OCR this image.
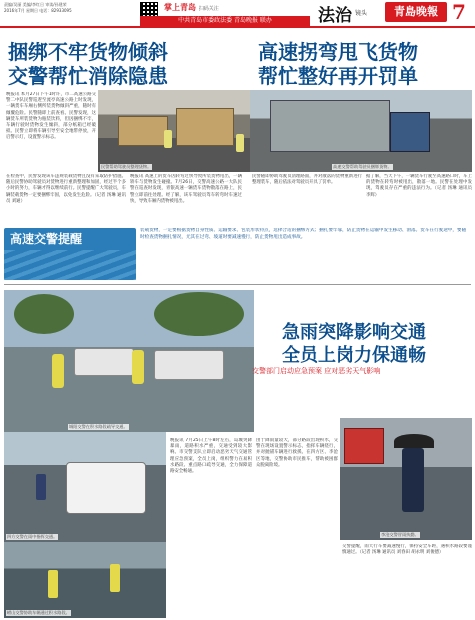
责编/吴丽 美编/李红日 审读/孙建荣
2016年7月 星期日 电话：82933095	掌上青岛 扫码关注
中共青岛市委政法委 青岛晚报 联办	法治 镜头	青島晚報 7
捆绑不牢货物倾斜
交警帮忙消除隐患
晚报讯 本月27日下午1时许，市二高速公路交警二中队民警巡逻至流亭高速公路上时发现，一辆货车车厢右侧所装货物倾斜严重，随时有倾覆危险。民警随即上前查看。民警发现，这辆货车所装货物为瓶装饮料，但因捆绑不牢，车辆行驶时货物发生倾斜，部分纸箱已经破损。民警立即将车辆引导至安全地带停放，开启警示灯，设置警示标志。
民警帮助驾驶员整理货物。
在检查中，民警发现该车违规装载货物且没有采取防护措施。随后民警协助驾驶员对货物进行重新整理和加固，经过半个多小时的努力，车辆才得以继续前行。民警提醒广大驾驶员，车辆装载货物一定要捆绑牢固，以免发生危险。（记者 汤琳 通讯员 刘通）
高速拐弯甩飞货物
帮忙整好再开罚单
高速交警帮助驾驶员捆绑货物。
晚报讯 高速上的货车因转弯过快导致所装货物甩出，一辆轿车与货物发生碰撞。7月26日，交警高速公路一大队民警在巡查时发现，青银高速一辆货车货物散落在路上，民警立即前往处理。经了解，该车驾驶员驾车转弯时车速过快，导致车厢内货物被甩出。
民警随即协助驾驶员清理路面，并对散落的货物重新进行整理装车，随后依法对驾驶员开具了罚单。
据了解，当天下午，一辆货车行驶至高速路口时，车上的货物在转弯时被甩出，散落一地。民警在处理中发现，驾驶员存在严重的违法行为。（记者 汤琳 通讯员 李辉）
高速交警提醒
装载货物，一定要根据货物自身性质、运输要求、包装形状特点，选择合适的捆绑方式；捆扎要牢靠，防止货物在运输中发生移动、滑落。货车在行驶途中，要随时检查货物捆扎情况，尤其在过弯、坡道时要减速慢行，防止货物甩出造成事故。
城阳交警在积水路段疏导交通。
急雨突降影响交通
全员上岗力保通畅
交警部门启动应急预案 应对恶劣天气影响
四方交警在雨中指挥交通。
崂山交警协助车辆通过积水路段。
晚报讯 7月25日上午8时左右，岛城突降暴雨，道路积水严重，交通受到较大影响。市交警支队立即启动恶劣天气交通管理应急预案，全员上岗，组织警力在易积水路段、重点路口疏导交通，全力保障道路安全畅通。
由于降雨量较大，部分路段出现积水，交警在现场设置警示标志，指挥车辆绕行，并对抛锚车辆进行救援。在四方区、李沧区等地，交警协助市民推车，帮助被困群众脱离险境。
李沧交警冒雨执勤。
交警提醒，雨天行车要减速慢行，保持安全车距，遇积水路段要谨慎通过。（记者 汤琳 通讯员 刘春田 胡永明 刘俊德）
